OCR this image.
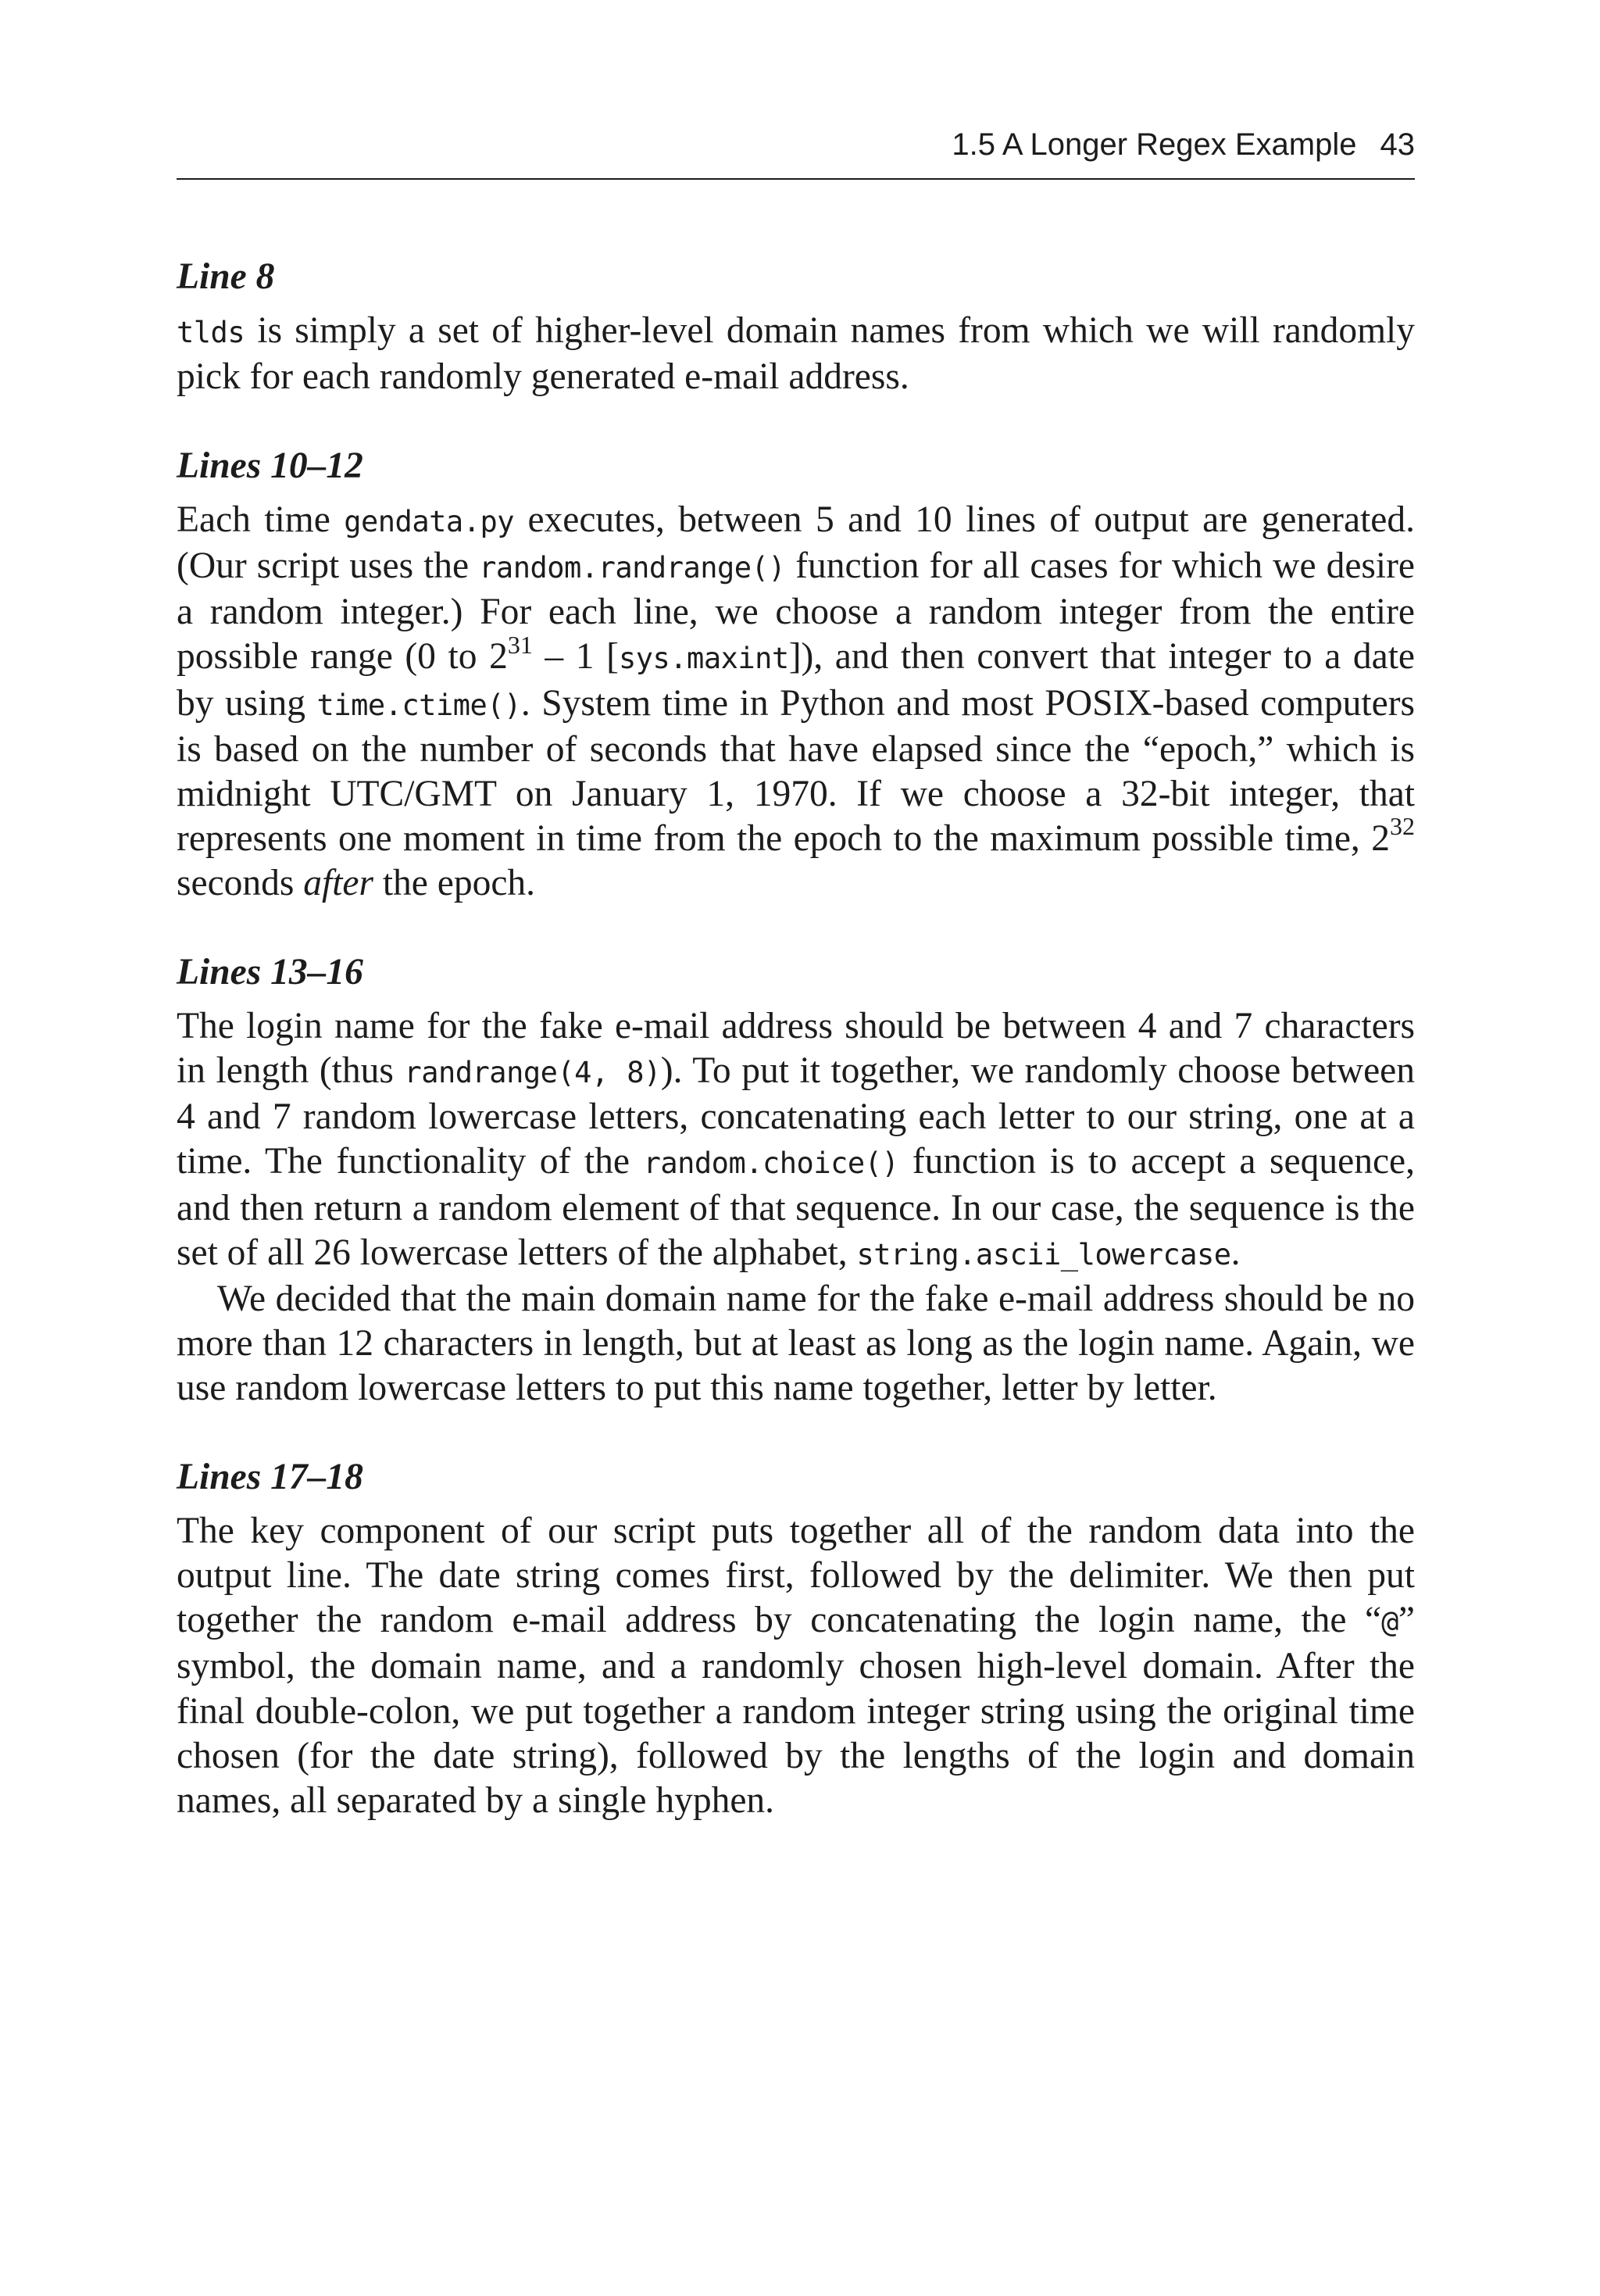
1.5 A Longer Regex Example 43

Line 8

tlds is simply a set of higher-level domain names from which we will randomly pick for each randomly generated e-mail address.

Lines 10–12

Each time gendata.py executes, between 5 and 10 lines of output are generated. (Our script uses the random.randrange() function for all cases for which we desire a random integer.) For each line, we choose a random integer from the entire possible range (0 to $2^{31} - 1$ [sys.maxint]), and then convert that integer to a date by using time.ctime(). System time in Python and most POSIX-based computers is based on the number of seconds that have elapsed since the “epoch,” which is midnight UTC/GMT on January 1, 1970. If we choose a 32-bit integer, that represents one moment in time from the epoch to the maximum possible time, $2^{32}$ seconds after the epoch.

Lines 13–16

The login name for the fake e-mail address should be between 4 and 7 characters in length (thus randrange(4, 8)). To put it together, we randomly choose between 4 and 7 random lowercase letters, concatenating each letter to our string, one at a time. The functionality of the random.choice() function is to accept a sequence, and then return a random element of that sequence. In our case, the sequence is the set of all 26 lowercase letters of the alphabet, string.ascii_lowercase.

We decided that the main domain name for the fake e-mail address should be no more than 12 characters in length, but at least as long as the login name. Again, we use random lowercase letters to put this name together, letter by letter.

Lines 17–18

The key component of our script puts together all of the random data into the output line. The date string comes first, followed by the delimiter. We then put together the random e-mail address by concatenating the login name, the “@” symbol, the domain name, and a randomly chosen high-level domain. After the final double-colon, we put together a random integer string using the original time chosen (for the date string), followed by the lengths of the login and domain names, all separated by a single hyphen.
